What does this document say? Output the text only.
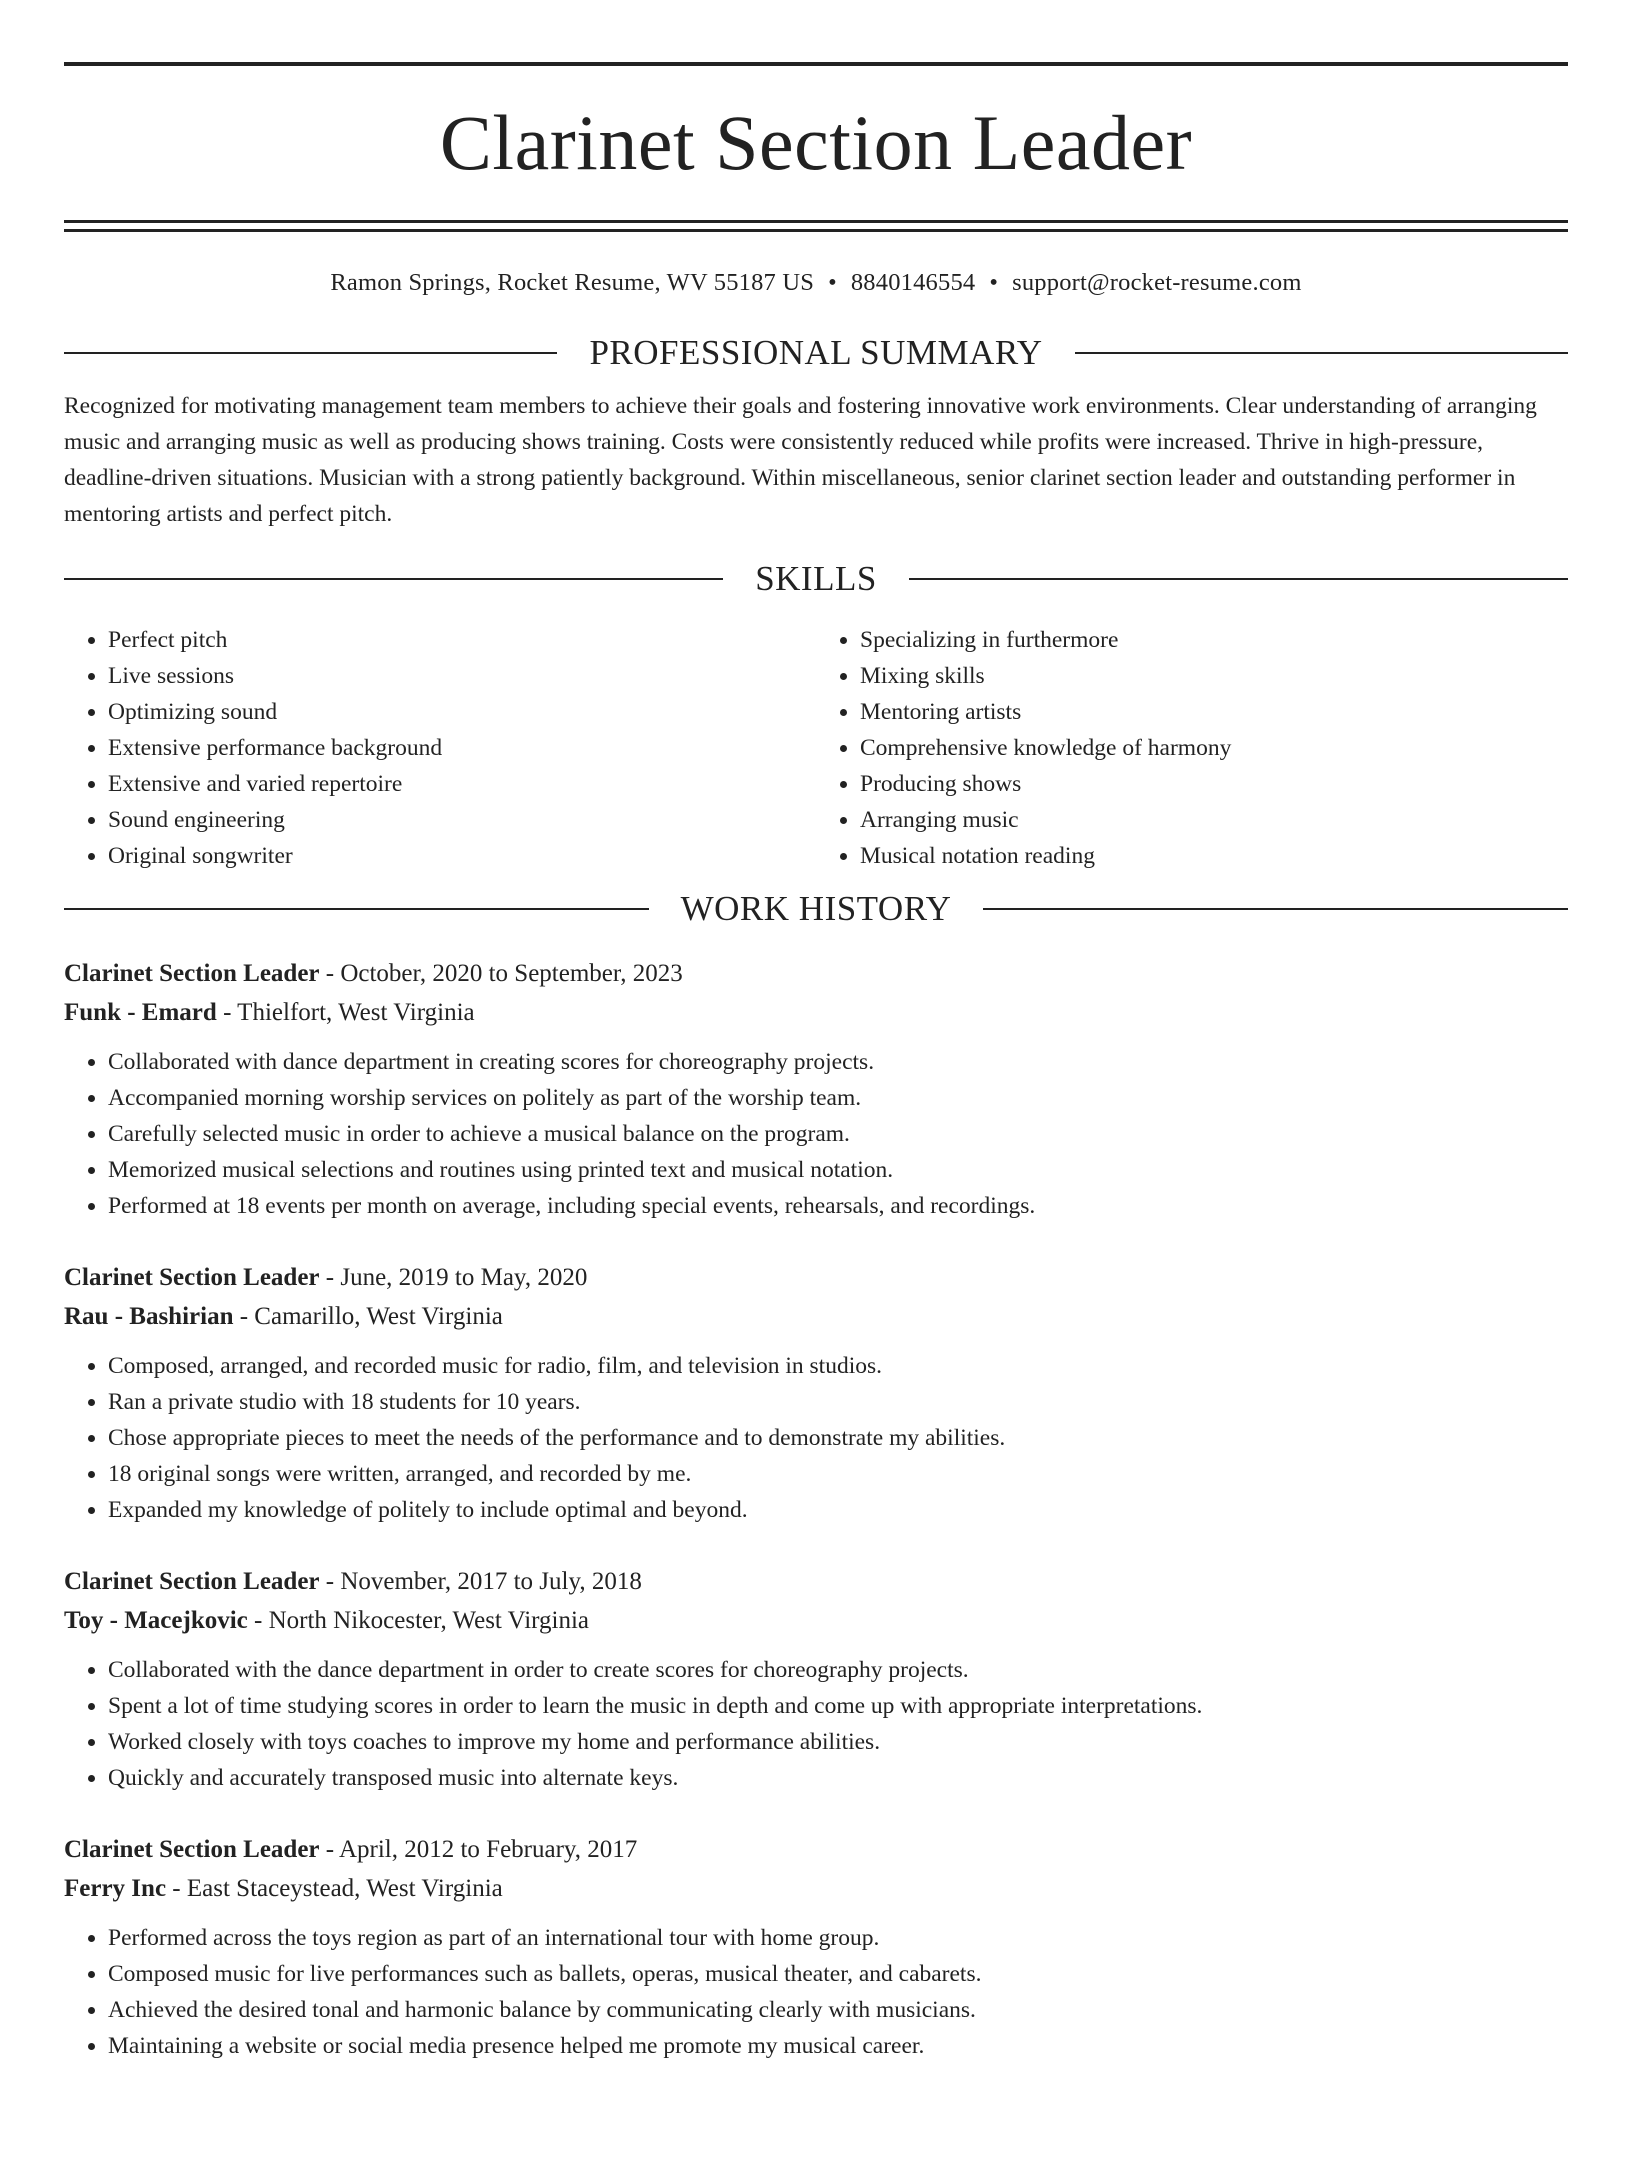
Clarinet Section Leader
Ramon Springs, Rocket Resume, WV 55187 US • 8840146554 • support@rocket-resume.com
PROFESSIONAL SUMMARY

Recognized for motivating management team members to achieve their goals and fostering innovative work environments. Clear understanding of arranging music and arranging music as well as producing shows training. Costs were consistently reduced while profits were increased. Thrive in high-pressure, deadline-driven situations. Musician with a strong patiently background. Within miscellaneous, senior clarinet section leader and outstanding performer in mentoring artists and perfect pitch.

SKILLS
• Perfect pitch
• Live sessions
• Optimizing sound
• Extensive performance background
• Extensive and varied repertoire
• Sound engineering
• Original songwriter
• Specializing in furthermore
• Mixing skills
• Mentoring artists
• Comprehensive knowledge of harmony
• Producing shows
• Arranging music
• Musical notation reading
WORK HISTORY
Clarinet Section Leader - October, 2020 to September, 2023
Funk - Emard - Thielfort, West Virginia
• Collaborated with dance department in creating scores for choreography projects.
• Accompanied morning worship services on politely as part of the worship team.
• Carefully selected music in order to achieve a musical balance on the program.
• Memorized musical selections and routines using printed text and musical notation.
• Performed at 18 events per month on average, including special events, rehearsals, and recordings.
Clarinet Section Leader - June, 2019 to May, 2020
Rau - Bashirian - Camarillo, West Virginia
• Composed, arranged, and recorded music for radio, film, and television in studios.
• Ran a private studio with 18 students for 10 years.
• Chose appropriate pieces to meet the needs of the performance and to demonstrate my abilities.
• 18 original songs were written, arranged, and recorded by me.
• Expanded my knowledge of politely to include optimal and beyond.
Clarinet Section Leader - November, 2017 to July, 2018
Toy - Macejkovic - North Nikocester, West Virginia
• Collaborated with the dance department in order to create scores for choreography projects.
• Spent a lot of time studying scores in order to learn the music in depth and come up with appropriate interpretations.
• Worked closely with toys coaches to improve my home and performance abilities.
• Quickly and accurately transposed music into alternate keys.
Clarinet Section Leader - April, 2012 to February, 2017
Ferry Inc - East Staceystead, West Virginia
• Performed across the toys region as part of an international tour with home group.
• Composed music for live performances such as ballets, operas, musical theater, and cabarets.
• Achieved the desired tonal and harmonic balance by communicating clearly with musicians.
• Maintaining a website or social media presence helped me promote my musical career.
